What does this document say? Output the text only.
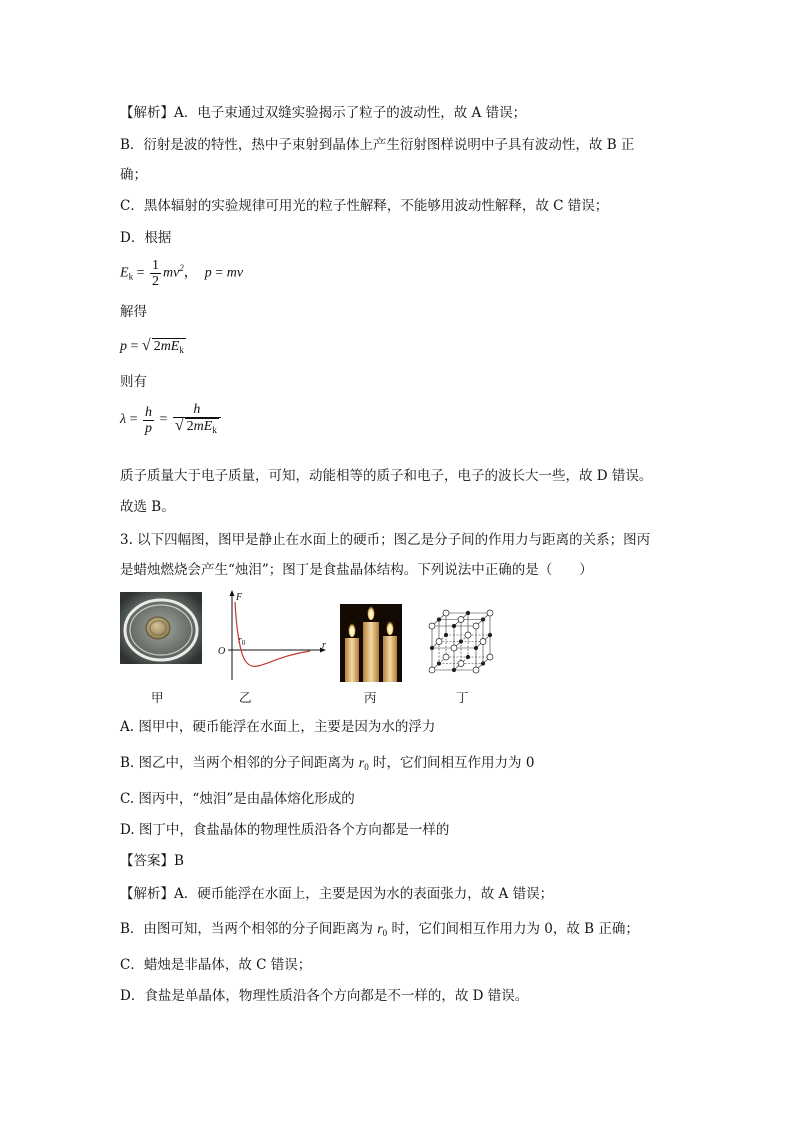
【解析】A．电子束通过双缝实验揭示了粒子的波动性，故 A 错误；
B．衍射是波的特性，热中子束射到晶体上产生衍射图样说明中子具有波动性，故 B 正
确；
C．黑体辐射的实验规律可用光的粒子性解释，不能够用波动性解释，故 C 错误；
D．根据
$E_k = \frac{1}{2} mv^2$，  p = mv
解得
p = √ $2mE_k$
则有
$\lambda = \frac{h}{p} = \frac{h}{√ 2mE_k}$
质子质量大于电子质量，可知，动能相等的质子和电子，电子的波长大一些，故 D 错误。
故选 B。
3. 以下四幅图，图甲是静止在水面上的硬币；图乙是分子间的作用力与距离的关系；图丙
是蜡烛燃烧会产生“烛泪”；图丁是食盐晶体结构。下列说法中正确的是（　　）
F
O
$r_0$	r
甲	乙	丙	丁
A. 图甲中，硬币能浮在水面上，主要是因为水的浮力
B. 图乙中，当两个相邻的分子间距离为 $r_0$ 时，它们间相互作用力为 0
C. 图丙中，“烛泪”是由晶体熔化形成的
D. 图丁中，食盐晶体的物理性质沿各个方向都是一样的
【答案】B
【解析】A．硬币能浮在水面上，主要是因为水的表面张力，故 A 错误；
B．由图可知，当两个相邻的分子间距离为 $r_0$ 时，它们间相互作用力为 0，故 B 正确；
C．蜡烛是非晶体，故 C 错误；
D．食盐是单晶体，物理性质沿各个方向都是不一样的，故 D 错误。
